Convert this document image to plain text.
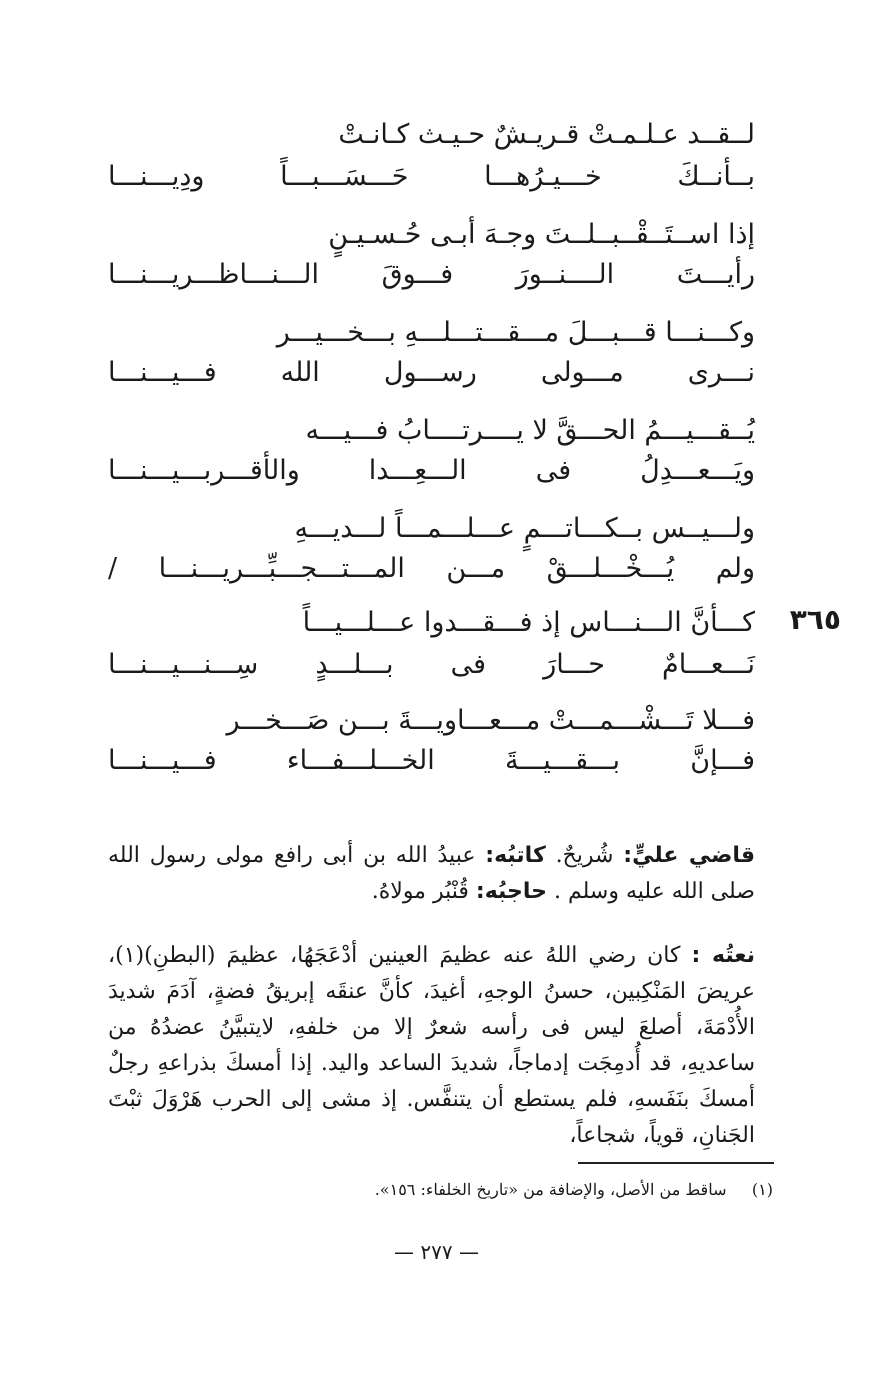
لــقــد عـلـمـتْ قـريـشٌ حـيـث كـانـتْ
بــأنــكَ خـــيـرُهـــا حَـــسَـــبـــاً ودِيـــنـــا
إذا اســتَــقْــبــلــتَ وجـهَ أبـى حُـسـيـنٍ
رأيـــتَ الــــنــورَ فـــوقَ الـــنـــاظـــريـــنـــا
وكـــنـــا قـــبـــلَ مـــقـــتـــلـــهِ بـــخـــيـــر
نـــرى مـــولى رســـول الله فـــيـــنـــا
يُــقـــيـــمُ الحـــقَّ لا يــــرتــــابُ فـــيـــه
ويَـــعـــدِلُ فى الـــعِـــدا والأقـــربـــيـــنـــا
ولـــيــس بــكـــاتـــمٍ عـــلـــمـــاً لـــديـــهِ
ولم يُـــخْـــلـــقْ مـــن المـــتـــجـــبِّـــريـــنـــا /
٣٦٥
كـــأنَّ الـــنـــاس إذ فـــقـــدوا عـــلـــيـــاً
نَـــعـــامٌ حـــارَ فى بـــلـــدٍ سِـــنـــيـــنـــا
فـــلا تَـــشْـــمـــتْ مـــعـــاويـــةَ بـــن صَـــخـــر
فـــإنَّ بـــقـــيـــةَ الخـــلـــفـــاء فـــيـــنـــا
قاضي عليٍّ: شُريحٌ. كاتبُه: عبيدُ الله بن أبى رافع مولى رسول الله صلى الله عليه وسلم . حاجبُه: قُنْبُر مولاهُ.
نعتُه : كان رضي اللهُ عنه عظيمَ العينين أدْعَجَهُا، عظيمَ (البطنِ)(١)، عريضَ المَنْكِبين، حسنُ الوجهِ، أغيدَ، كأنَّ عنقَه إبريقُ فضةٍ، آدَمَ شديدَ الأُدْمَةَ، أصلعَ ليس فى رأسه شعرٌ إلا من خلفهِ، لايتبيَّنُ عضدُهُ من ساعديهِ، قد أُدمِجَت إدماجاً، شديدَ الساعد واليد. إذا أمسكَ بذراعهِ رجلٌ أمسكَ بنَفَسهِ، فلم يستطع أن يتنفَّس. إذ مشى إلى الحرب هَرْوَلَ ثبْتَ الجَنانِ، قوياً، شجاعاً،
(١)     ساقط من الأصل، والإضافة من «تاريخ الخلفاء: ١٥٦».
— ٢٧٧ —
